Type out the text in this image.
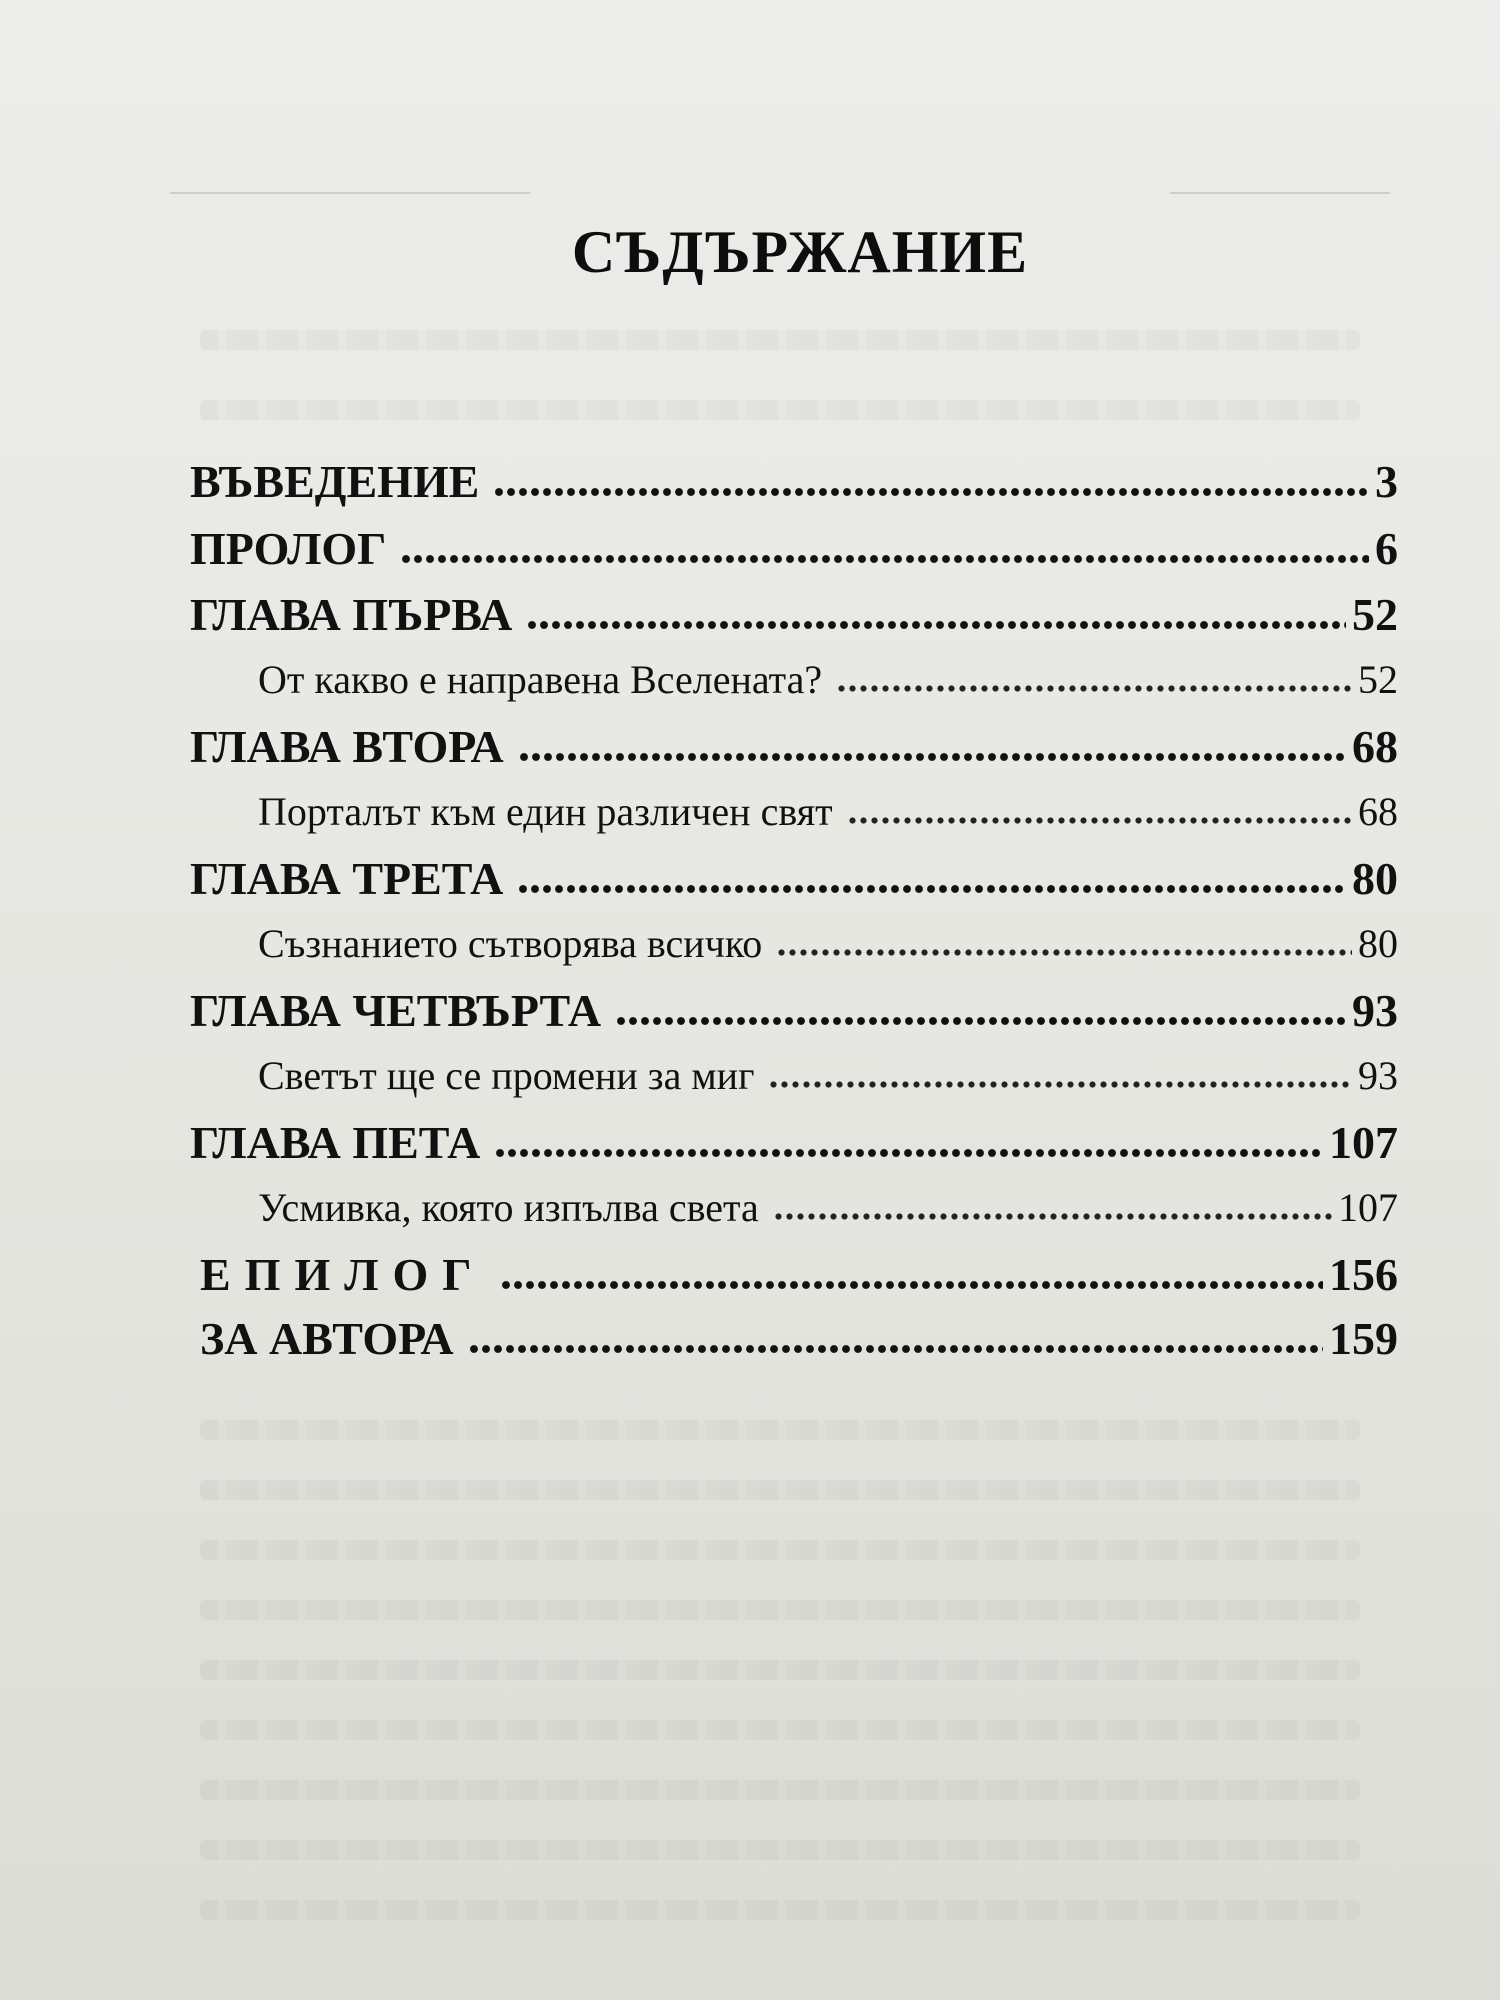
СЪДЪРЖАНИЕ
ВЪВЕДЕНИЕ	3
ПРОЛОГ	6
ГЛАВА ПЪРВА	52
От какво е направена Вселената?	52
ГЛАВА ВТОРА	68
Порталът към един различен свят	68
ГЛАВА ТРЕТА	80
Съзнанието сътворява всичко	80
ГЛАВА ЧЕТВЪРТА	93
Светът ще се промени за миг	93
ГЛАВА ПЕТА	107
Усмивка, която изпълва света	107
ЕПИЛОГ	156
ЗА АВТОРА	159
